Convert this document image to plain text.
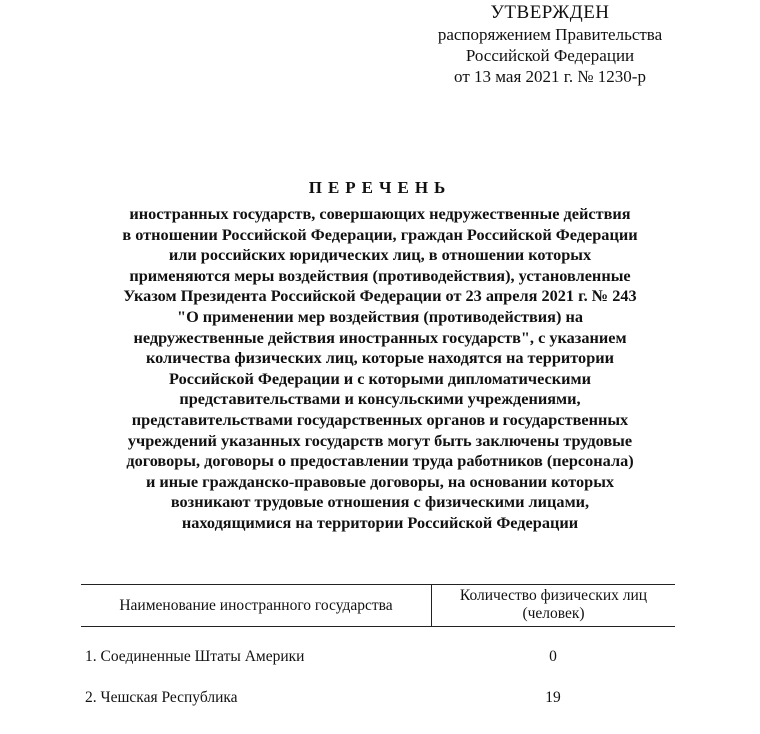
УТВЕРЖДЕН
распоряжением Правительства
Российской Федерации
от 13 мая 2021 г. № 1230-р
ПЕРЕЧЕНЬ
иностранных государств, совершающих недружественные действия
в отношении Российской Федерации, граждан Российской Федерации
или российских юридических лиц, в отношении которых
применяются меры воздействия (противодействия), установленные
Указом Президента Российской Федерации от 23 апреля 2021 г. № 243
"О применении мер воздействия (противодействия) на
недружественные действия иностранных государств", с указанием
количества физических лиц, которые находятся на территории
Российской Федерации и с которыми дипломатическими
представительствами и консульскими учреждениями,
представительствами государственных органов и государственных
учреждений указанных государств могут быть заключены трудовые
договоры, договоры о предоставлении труда работников (персонала)
и иные гражданско-правовые договоры, на основании которых
возникают трудовые отношения с физическими лицами,
находящимися на территории Российской Федерации
Наименование иностранного государства
Количество физических лиц
(человек)
1. Соединенные Штаты Америки	0
2. Чешская Республика	19
